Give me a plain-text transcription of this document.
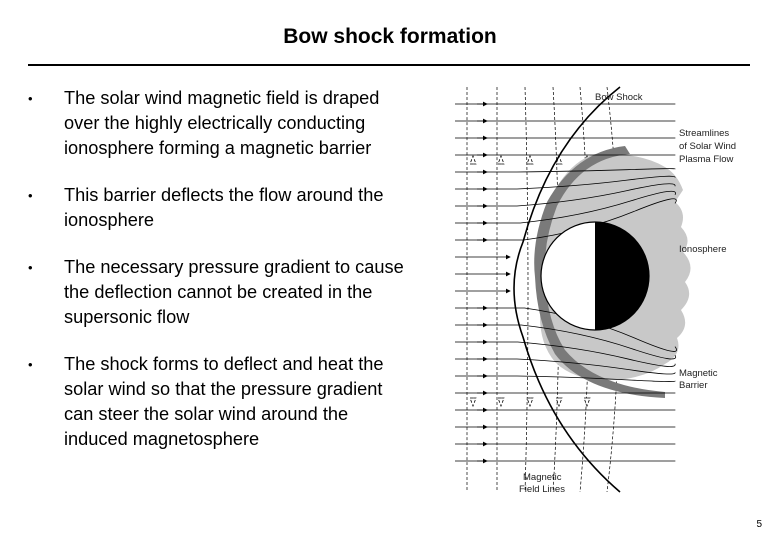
Bow shock formation
• The solar wind magnetic field is draped over the highly electrically conducting ionosphere forming a magnetic barrier
• This barrier deflects the flow around the ionosphere
• The necessary pressure gradient to cause the deflection cannot be created in the supersonic flow
• The shock forms to deflect and heat the solar wind so that the pressure gradient can steer the solar wind around the induced magnetosphere
Bow Shock
Streamlines
of Solar Wind
Plasma Flow
Ionosphere
Magnetic
Barrier
Magnetic
Field Lines
5
